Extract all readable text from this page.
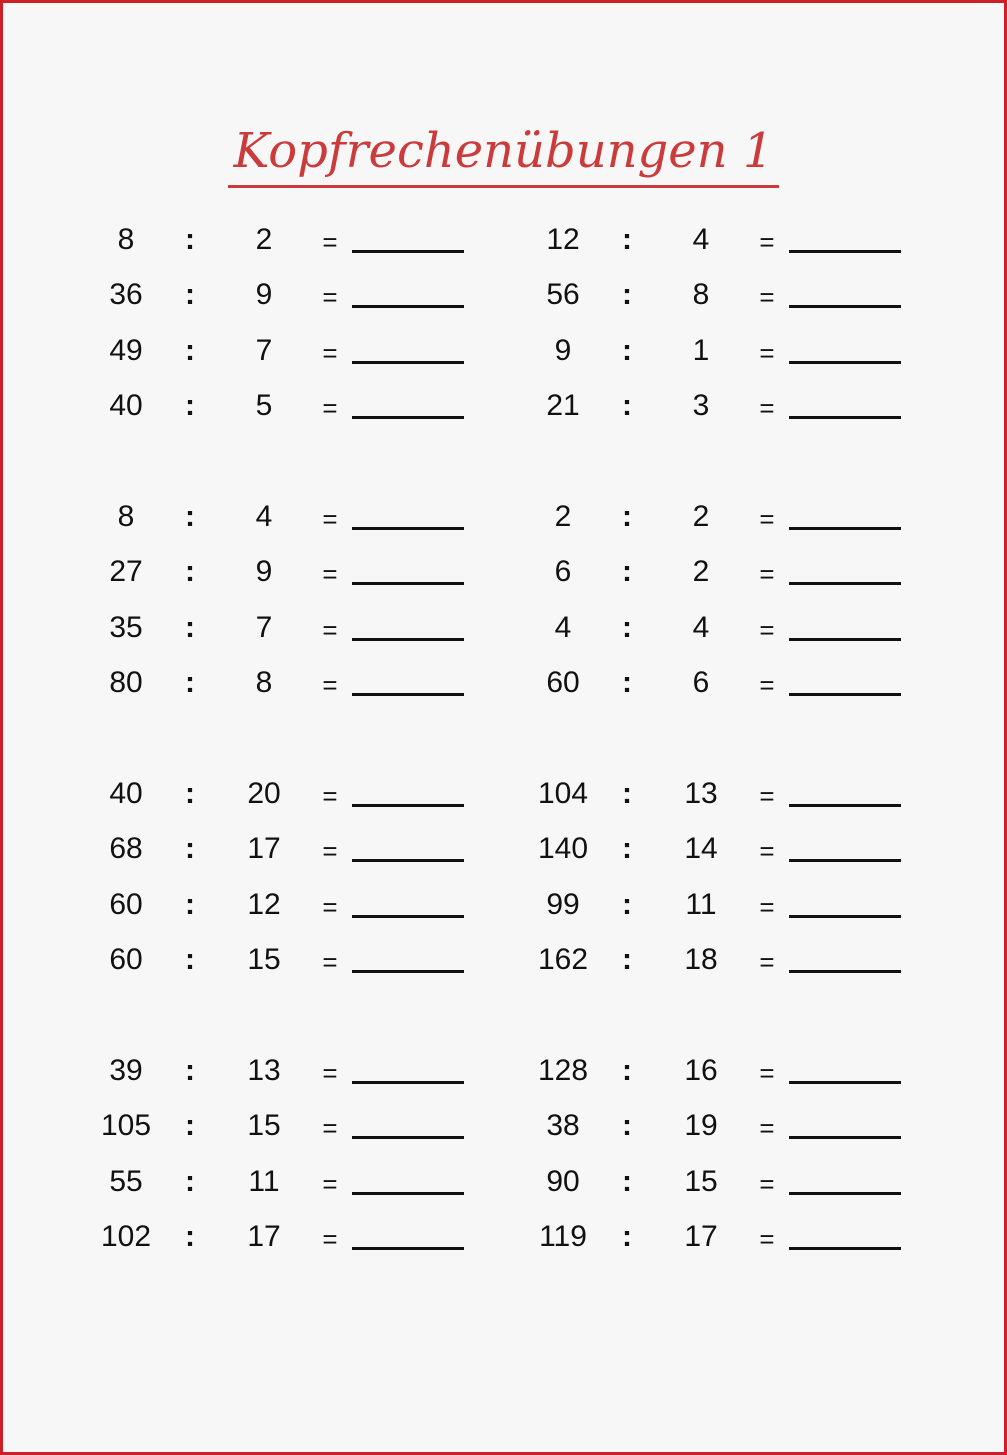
Kopfrechenübungen 1
8	:	2	=
36	:	9	=
49	:	7	=
40	:	5	=
12	:	4	=
56	:	8	=
9	:	1	=
21	:	3	=
8	:	4	=
27	:	9	=
35	:	7	=
80	:	8	=
2	:	2	=
6	:	2	=
4	:	4	=
60	:	6	=
40	:	20	=
68	:	17	=
60	:	12	=
60	:	15	=
104	:	13	=
140	:	14	=
99	:	11	=
162	:	18	=
39	:	13	=
105	:	15	=
55	:	11	=
102	:	17	=
128	:	16	=
38	:	19	=
90	:	15	=
119	:	17	=
